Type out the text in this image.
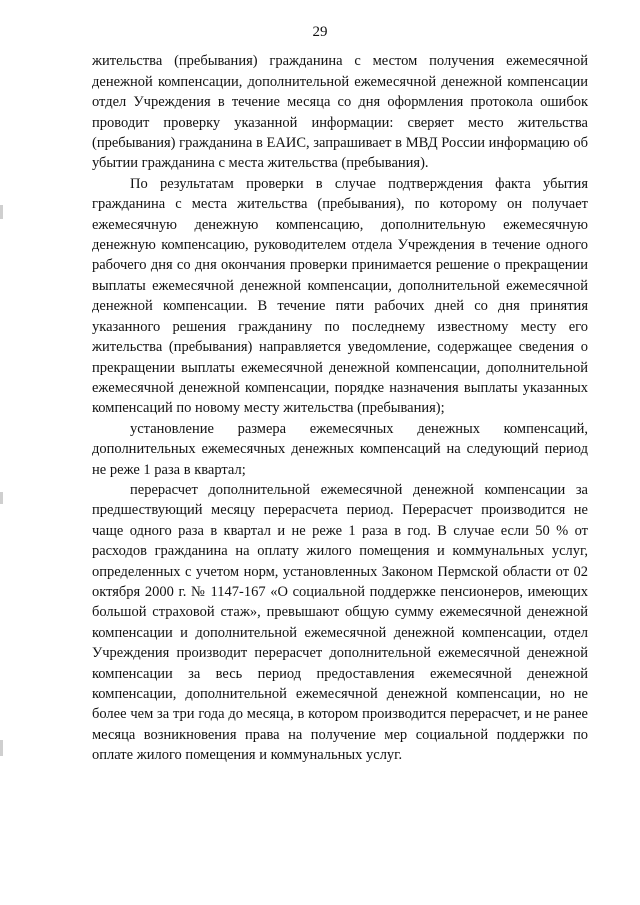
29

жительства (пребывания) гражданина с местом получения ежемесячной денежной компенсации, дополнительной ежемесячной денежной компенсации отдел Учреждения в течение месяца со дня оформления протокола ошибок проводит проверку указанной информации: сверяет место жительства (пребывания) гражданина в ЕАИС, запрашивает в МВД России информацию об убытии гражданина с места жительства (пребывания).

По результатам проверки в случае подтверждения факта убытия гражданина с места жительства (пребывания), по которому он получает ежемесячную денежную компенсацию, дополнительную ежемесячную денежную компенсацию, руководителем отдела Учреждения в течение одного рабочего дня со дня окончания проверки принимается решение о прекращении выплаты ежемесячной денежной компенсации, дополнительной ежемесячной денежной компенсации. В течение пяти рабочих дней со дня принятия указанного решения гражданину по последнему известному месту его жительства (пребывания) направляется уведомление, содержащее сведения о прекращении выплаты ежемесячной денежной компенсации, дополнительной ежемесячной денежной компенсации, порядке назначения выплаты указанных компенсаций по новому месту жительства (пребывания);

установление размера ежемесячных денежных компенсаций, дополнительных ежемесячных денежных компенсаций на следующий период не реже 1 раза в квартал;

перерасчет дополнительной ежемесячной денежной компенсации за предшествующий месяцу перерасчета период. Перерасчет производится не чаще одного раза в квартал и не реже 1 раза в год. В случае если 50 % от расходов гражданина на оплату жилого помещения и коммунальных услуг, определенных с учетом норм, установленных Законом Пермской области от 02 октября 2000 г. № 1147-167 «О социальной поддержке пенсионеров, имеющих большой страховой стаж», превышают общую сумму ежемесячной денежной компенсации и дополнительной ежемесячной денежной компенсации, отдел Учреждения производит перерасчет дополнительной ежемесячной денежной компенсации за весь период предоставления ежемесячной денежной компенсации, дополнительной ежемесячной денежной компенсации, но не более чем за три года до месяца, в котором производится перерасчет, и не ранее месяца возникновения права на получение мер социальной поддержки по оплате жилого помещения и коммунальных услуг.
